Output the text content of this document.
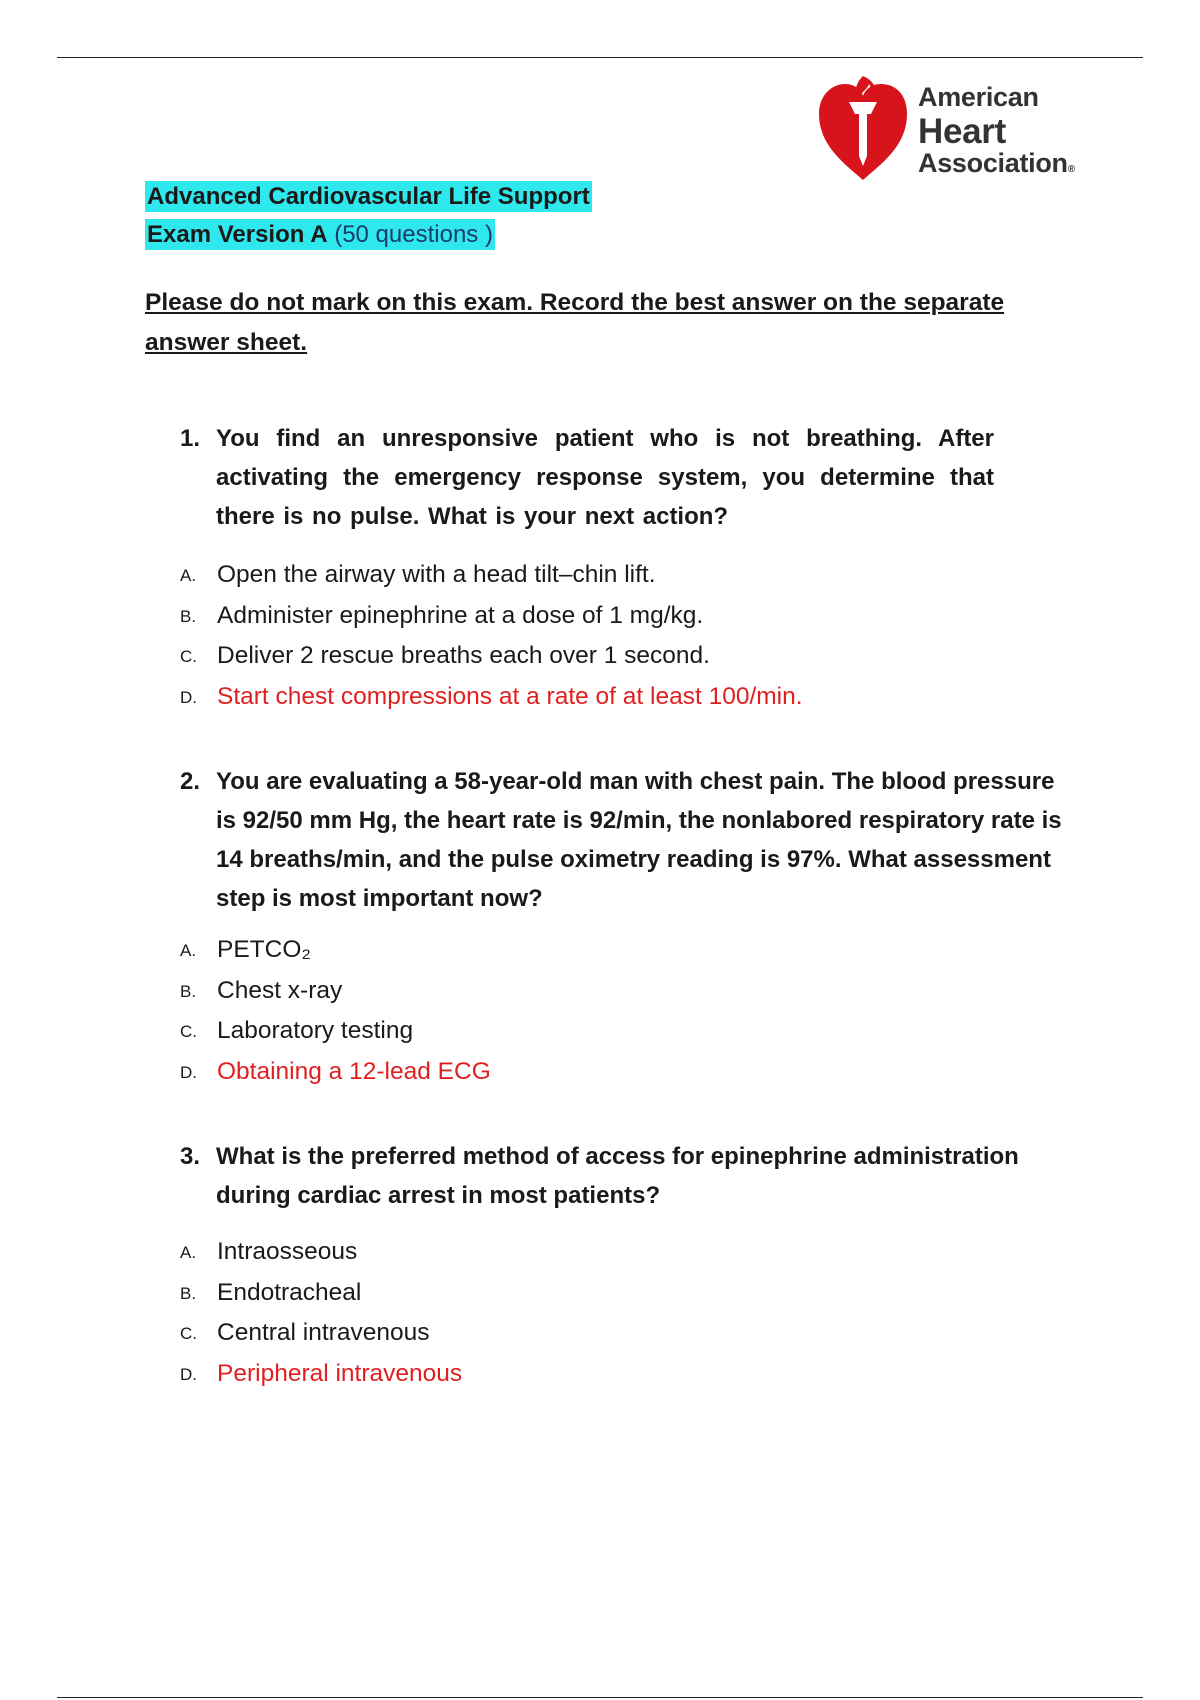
American
Heart
Association®
Advanced Cardiovascular Life Support
Exam Version A (50 questions )
Please do not mark on this exam. Record the best answer on the separate answer sheet.
1. You find an unresponsive patient who is not breathing. After activating the emergency response system, you determine that there is no pulse. What is your next action?
A. Open the airway with a head tilt–chin lift.
B. Administer epinephrine at a dose of 1 mg/kg.
C. Deliver 2 rescue breaths each over 1 second.
D. Start chest compressions at a rate of at least 100/min.
2. You are evaluating a 58-year-old man with chest pain. The blood pressure is 92/50 mm Hg, the heart rate is 92/min, the nonlabored respiratory rate is 14 breaths/min, and the pulse oximetry reading is 97%. What assessment step is most important now?
A. PETCO₂
B. Chest x-ray
C. Laboratory testing
D. Obtaining a 12-lead ECG
3. What is the preferred method of access for epinephrine administration during cardiac arrest in most patients?
A. Intraosseous
B. Endotracheal
C. Central intravenous
D. Peripheral intravenous
